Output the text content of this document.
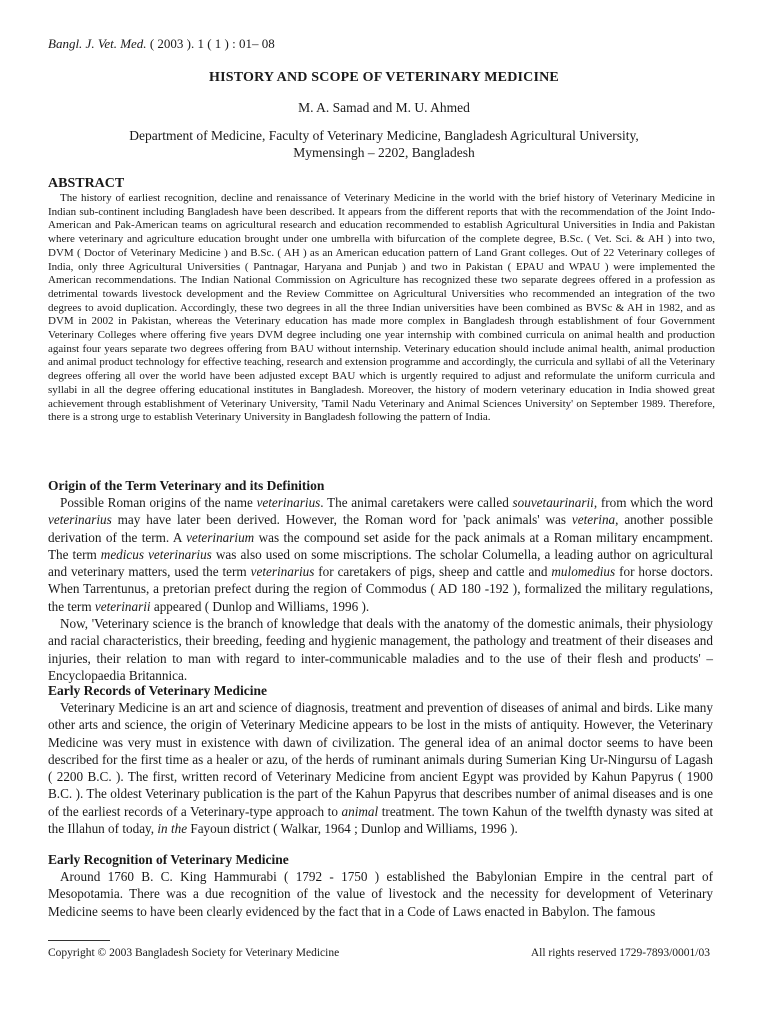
Bangl. J. Vet. Med. ( 2003 ). 1 ( 1 ) : 01– 08
HISTORY AND SCOPE OF VETERINARY MEDICINE
M. A. Samad and M. U. Ahmed
Department of Medicine, Faculty of Veterinary Medicine, Bangladesh Agricultural University,
Mymensingh – 2202, Bangladesh
ABSTRACT

The history of earliest recognition, decline and renaissance of Veterinary Medicine in the world with the brief history of Veterinary Medicine in Indian sub-continent including Bangladesh have been described. It appears from the different reports that with the recommendation of the Joint Indo-American and Pak-American teams on agricultural research and education recommended to establish Agricultural Universities in India and Pakistan where veterinary and agriculture education brought under one umbrella with bifurcation of the complete degree, B.Sc. ( Vet. Sci. & AH ) into two, DVM ( Doctor of Veterinary Medicine ) and B.Sc. ( AH ) as an American education pattern of Land Grant colleges. Out of 22 Veterinary colleges of India, only three Agricultural Universities ( Pantnagar, Haryana and Punjab ) and two in Pakistan ( EPAU and WPAU ) were implemented the American recommendations. The Indian National Commission on Agriculture has recognized these two separate degrees offered in a profession as detrimental towards livestock development and the Review Committee on Agricultural Universities who recommended an integration of the two degrees to avoid duplication. Accordingly, these two degrees in all the three Indian universities have been combined as BVSc & AH in 1982, and as DVM in 2002 in Pakistan, whereas the Veterinary education has made more complex in Bangladesh through establishment of four Government Veterinary Colleges where offering five years DVM degree including one year internship with combined curricula on animal health and production against four years separate two degrees offering from BAU without internship. Veterinary education should include animal health, animal production and animal product technology for effective teaching, research and extension programme and accordingly, the curricula and syllabi of all the Veterinary degrees offering all over the world have been adjusted except BAU which is urgently required to adjust and reformulate the uniform curricula and syllabi in all the degree offering educational institutes in Bangladesh. Moreover, the history of modern veterinary education in India showed great achievement through establishment of Veterinary University, 'Tamil Nadu Veterinary and Animal Sciences University' on September 1989. Therefore, there is a strong urge to establish Veterinary University in Bangladesh following the pattern of India.

Origin of the Term Veterinary and its Definition

Possible Roman origins of the name veterinarius. The animal caretakers were called souvetaurinarii, from which the word veterinarius may have later been derived. However, the Roman word for 'pack animals' was veterina, another possible derivation of the term. A veterinarium was the compound set aside for the pack animals at a Roman military encampment. The term medicus veterinarius was also used on some miscriptions. The scholar Columella, a leading author on agricultural and veterinary matters, used the term veterinarius for caretakers of pigs, sheep and cattle and mulomedius for horse doctors. When Tarrentunus, a pretorian prefect during the region of Commodus ( AD 180 -192 ), formalized the military regulations, the term veterinarii appeared ( Dunlop and Williams, 1996 ).

Now, 'Veterinary science is the branch of knowledge that deals with the anatomy of the domestic animals, their physiology and racial characteristics, their breeding, feeding and hygienic management, the pathology and treatment of their diseases and injuries, their relation to man with regard to inter-communicable maladies and to the use of their flesh and products' – Encyclopaedia Britannica.

Early Records of Veterinary Medicine

Veterinary Medicine is an art and science of diagnosis, treatment and prevention of diseases of animal and birds. Like many other arts and science, the origin of Veterinary Medicine appears to be lost in the mists of antiquity. However, the Veterinary Medicine was very must in existence with dawn of civilization. The general idea of an animal doctor seems to have been described for the first time as a healer or azu, of the herds of ruminant animals during Sumerian King Ur-Ningursu of Lagash ( 2200 B.C. ). The first, written record of Veterinary Medicine from ancient Egypt was provided by Kahun Papyrus ( 1900 B.C. ). The oldest Veterinary publication is the part of the Kahun Papyrus that describes number of animal diseases and is one of the earliest records of a Veterinary-type approach to animal treatment. The town Kahun of the twelfth dynasty was sited at the Illahun of today, in the Fayoun district ( Walkar, 1964 ; Dunlop and Williams, 1996 ).

Early Recognition of Veterinary Medicine

Around 1760 B. C. King Hammurabi ( 1792 - 1750 ) established the Babylonian Empire in the central part of Mesopotamia. There was a due recognition of the value of livestock and the necessity for development of Veterinary Medicine seems to have been clearly evidenced by the fact that in a Code of Laws enacted in Babylon. The famous

Copyright © 2003 Bangladesh Society for Veterinary Medicine	All rights reserved 1729-7893/0001/03
